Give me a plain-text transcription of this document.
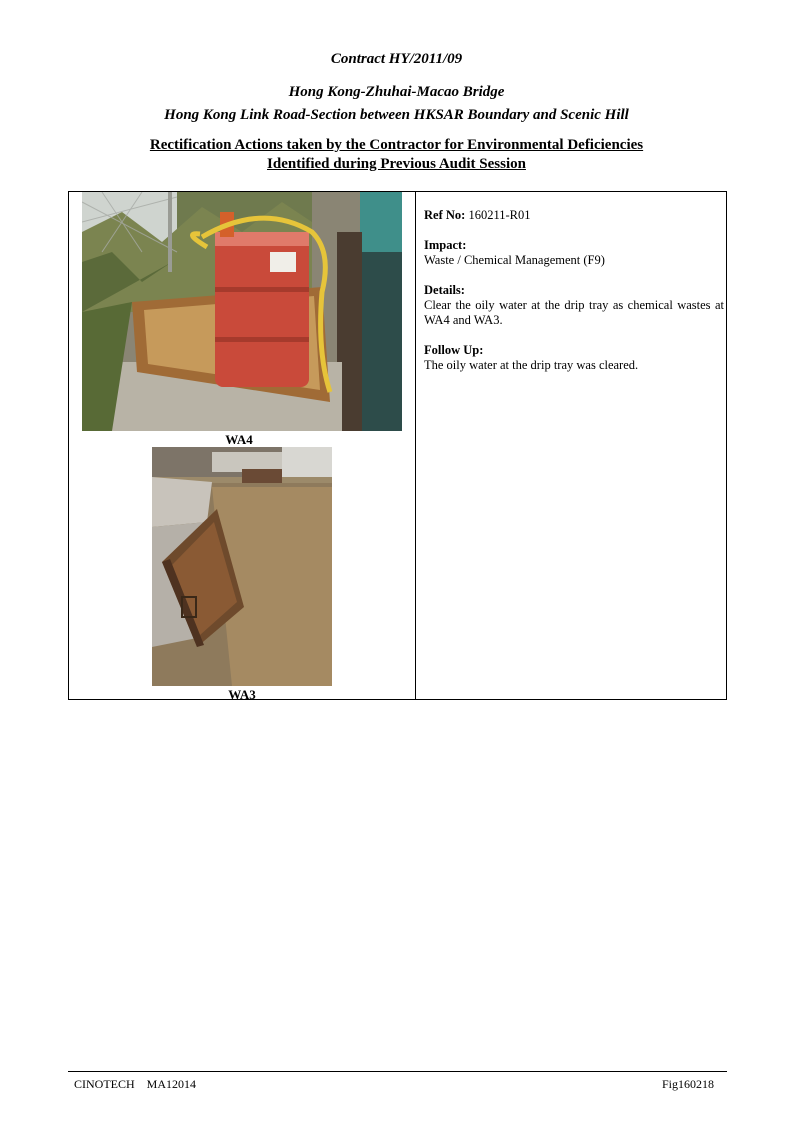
Contract HY/2011/09
Hong Kong-Zhuhai-Macao Bridge
Hong Kong Link Road-Section between HKSAR Boundary and Scenic Hill
Rectification Actions taken by the Contractor for Environmental Deficiencies
Identified during Previous Audit Session
WA4
WA3
Ref No: 160211-R01
Impact:
Waste / Chemical Management (F9)
Details:
Clear the oily water at the drip tray as chemical wastes at WA4 and WA3.
Follow Up:
The oily water at the drip tray was cleared.
CINOTECH MA12014	Fig160218
